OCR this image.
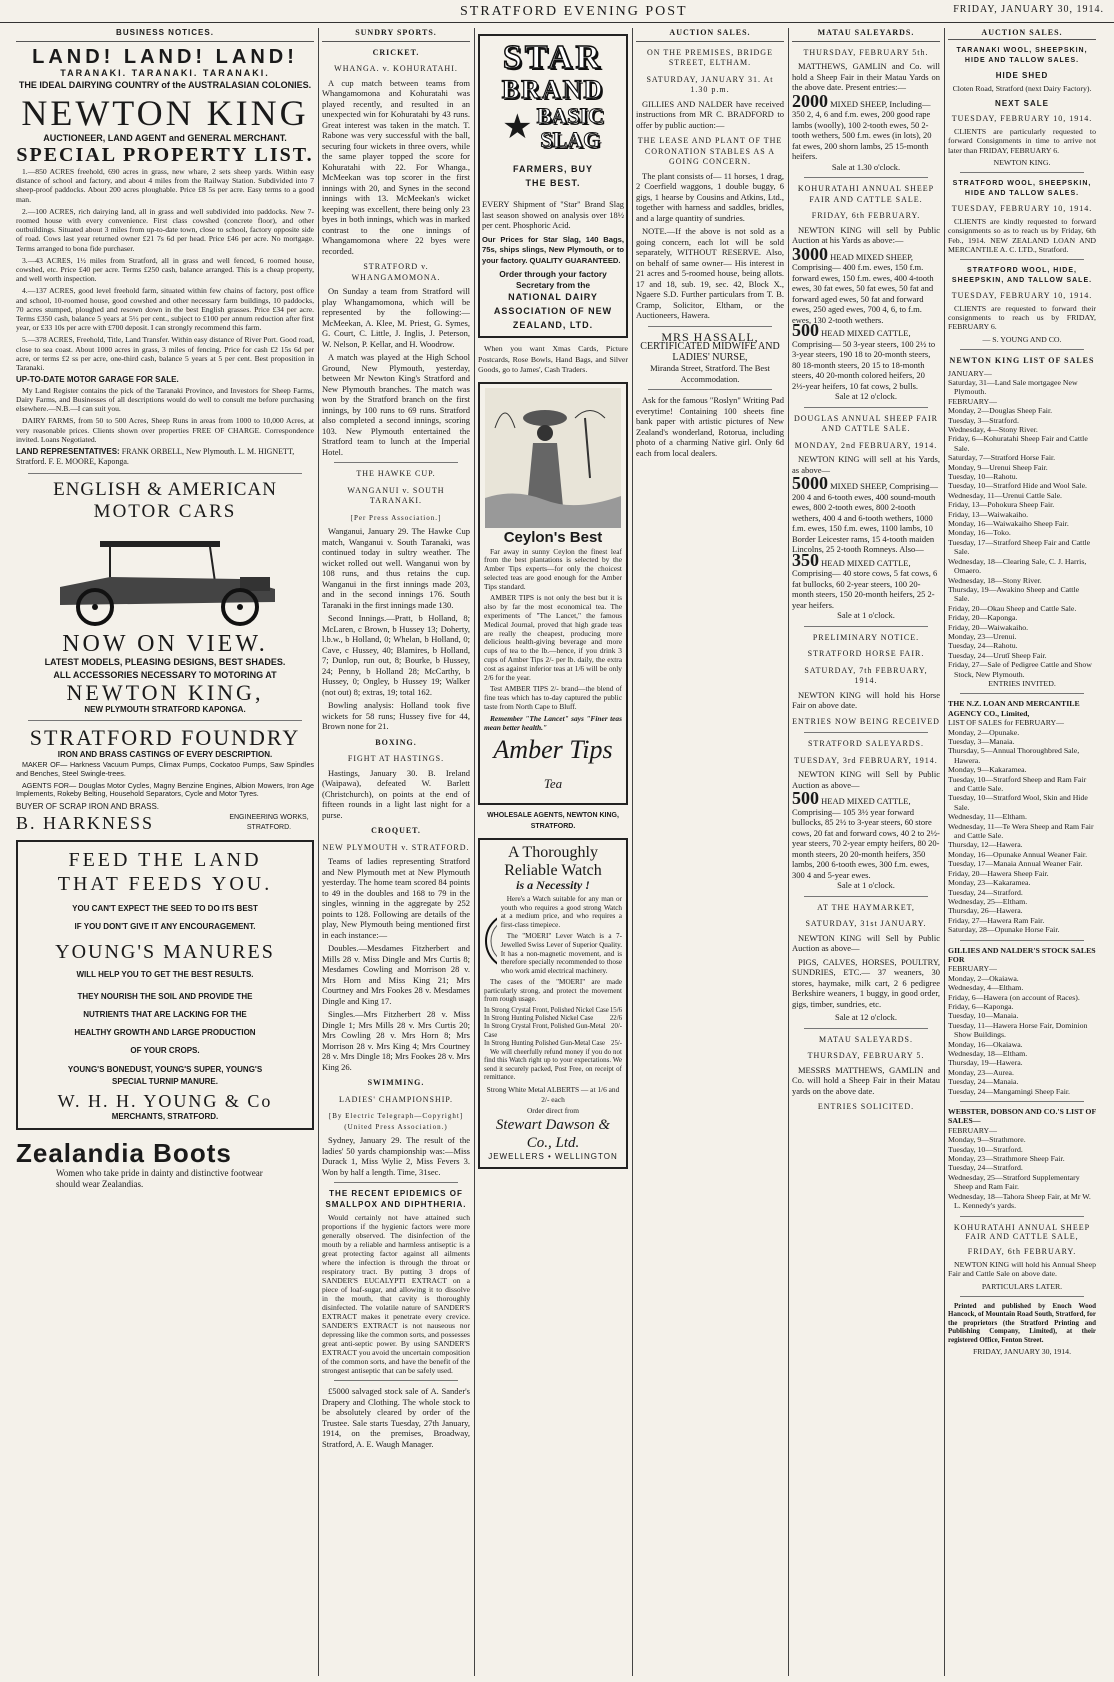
STRATFORD EVENING POST	FRIDAY, JANUARY 30, 1914.
BUSINESS NOTICES.
LAND! LAND! LAND!
TARANAKI. TARANAKI. TARANAKI.
THE IDEAL DAIRYING COUNTRY of the AUSTRALASIAN COLONIES.
NEWTON KING
AUCTIONEER, LAND AGENT and GENERAL MERCHANT.
SPECIAL PROPERTY LIST.

1.—850 ACRES freehold, 690 acres in grass, new whare, 2 sets sheep yards. Within easy distance of school and factory, and about 4 miles from the Railway Station. Subdivided into 7 sheep-proof paddocks. About 200 acres ploughable. Price £8 5s per acre. Easy terms to a good man.

2.—100 ACRES, rich dairying land, all in grass and well subdivided into paddocks. New 7-roomed house with every convenience. First class cowshed (concrete floor), and other outbuildings. Situated about 3 miles from up-to-date town, close to school, factory opposite side of road. Cows last year returned owner £21 7s 6d per head. Price £46 per acre. No mortgage. Terms arranged to bona fide purchaser.

3.—43 ACRES, 1½ miles from Stratford, all in grass and well fenced, 6 roomed house, cowshed, etc. Price £40 per acre. Terms £250 cash, balance arranged. This is a cheap property, and well worth inspection.

4.—137 ACRES, good level freehold farm, situated within few chains of factory, post office and school, 10-roomed house, good cowshed and other necessary farm buildings, 10 paddocks, 70 acres stumped, ploughed and resown down in the best English grasses. Price £34 per acre. Terms £350 cash, balance 5 years at 5½ per cent., subject to £100 per annum reduction after first year, or £33 10s per acre with £700 deposit. I can strongly recommend this farm.

5.—378 ACRES, Freehold, Title, Land Transfer. Within easy distance of River Port. Good road, close to sea coast. About 1000 acres in grass, 3 miles of fencing. Price for cash £2 15s 6d per acre, or terms £2 ss per acre, one-third cash, balance 5 years at 5 per cent. Best proposition in Taranaki.

UP-TO-DATE MOTOR GARAGE FOR SALE.

My Land Register contains the pick of the Taranaki Province, and Investors for Sheep Farms, Dairy Farms, and Businesses of all descriptions would do well to consult me before purchasing elsewhere.—N.B.—I can suit you.

DAIRY FARMS, from 50 to 500 Acres, Sheep Runs in areas from 1000 to 10,000 Acres, at very reasonable prices. Clients shown over properties FREE OF CHARGE. Correspondence invited. Loans Negotiated.

LAND REPRESENTATIVES: FRANK ORBELL, New Plymouth. L. M. HIGNETT, Stratford. F. E. MOORE, Kaponga.
ENGLISH & AMERICAN
MOTOR CARS
NOW ON VIEW.
LATEST MODELS, PLEASING DESIGNS, BEST SHADES.
ALL ACCESSORIES NECESSARY TO MOTORING AT
NEWTON KING,
NEW PLYMOUTH STRATFORD KAPONGA.
STRATFORD FOUNDRY
IRON AND BRASS CASTINGS OF EVERY DESCRIPTION.

MAKER OF— Harkness Vacuum Pumps, Climax Pumps, Cockatoo Pumps, Saw Spindles and Benches, Steel Swingle-trees.

AGENTS FOR— Douglas Motor Cycles, Magny Benzine Engines, Albion Mowers, Iron Age Implements, Rokeby Belting, Household Separators, Cycle and Motor Tyres.

BUYER OF SCRAP IRON AND BRASS.
B. HARKNESS	ENGINEERING WORKS, STRATFORD.
FEED THE LAND
THAT FEEDS YOU.
YOU CAN'T EXPECT THE SEED TO DO ITS BEST IF YOU DON'T GIVE IT ANY ENCOURAGEMENT.
YOUNG'S MANURES
WILL HELP YOU TO GET THE BEST RESULTS.
THEY NOURISH THE SOIL AND PROVIDE THE NUTRIENTS THAT ARE LACKING FOR THE HEALTHY GROWTH AND LARGE PRODUCTION OF YOUR CROPS.
YOUNG'S BONEDUST, YOUNG'S SUPER, YOUNG'S SPECIAL TURNIP MANURE.
W. H. H. YOUNG & Co
MERCHANTS, STRATFORD.
Zealandia Boots
Women who take pride in dainty and distinctive footwear should wear Zealandias.
SUNDRY SPORTS.
CRICKET.
WHANGA. v. KOHURATAHI.

A cup match between teams from Whangamomona and Kohuratahi was played recently, and resulted in an unexpected win for Kohuratahi by 43 runs. Great interest was taken in the match. T. Rabone was very successful with the ball, securing four wickets in three overs, while the same player topped the score for Kohuratahi with 22. For Whanga., McMeekan was top scorer in the first innings with 20, and Synes in the second innings with 13. McMeekan's wicket keeping was excellent, there being only 23 byes in both innings, which was in marked contrast to the one innings of Whangamomona where 22 byes were recorded.

STRATFORD v. WHANGAMOMONA.

On Sunday a team from Stratford will play Whangamomona, which will be represented by the following:—McMeekan, A. Klee, M. Priest, G. Symes, G. Court, C. Little, J. Inglis, J. Peterson, W. Nelson, P. Kellar, and H. Woodrow.

A match was played at the High School Ground, New Plymouth, yesterday, between Mr Newton King's Stratford and New Plymouth branches. The match was won by the Stratford branch on the first innings, by 100 runs to 69 runs. Stratford also completed a second innings, scoring 103. New Plymouth entertained the Stratford team to lunch at the Imperial Hotel.

THE HAWKE CUP.
WANGANUI v. SOUTH TARANAKI.
[Per Press Association.]

Wanganui, January 29. The Hawke Cup match, Wanganui v. South Taranaki, was continued today in sultry weather. The wicket rolled out well. Wanganui won by 108 runs, and thus retains the cup. Wanganui in the first innings made 203, and in the second innings 176. South Taranaki in the first innings made 130.

Second Innings.—Pratt, b Holland, 8; McLaren, c Brown, b Hussey 13; Doherty, l.b.w., b Holland, 0; Whelan, b Holland, 0; Cave, c Hussey, 40; Blamires, b Holland, 7; Dunlop, run out, 8; Bourke, b Hussey, 24; Penny, b Holland 28; McCarthy, b Hussey, 0; Ongley, b Hussey 19; Walker (not out) 8; extras, 19; total 162.

Bowling analysis: Holland took five wickets for 58 runs; Hussey five for 44, Brown none for 21.

BOXING.
FIGHT AT HASTINGS.

Hastings, January 30. B. Ireland (Waipawa), defeated W. Barlett (Christchurch), on points at the end of fifteen rounds in a light last night for a purse.

CROQUET.
NEW PLYMOUTH v. STRATFORD.

Teams of ladies representing Stratford and New Plymouth met at New Plymouth yesterday. The home team scored 84 points to 49 in the doubles and 168 to 79 in the singles, winning in the aggregate by 252 points to 128. Following are details of the play, New Plymouth being mentioned first in each instance:—

Doubles.—Mesdames Fitzherbert and Mills 28 v. Miss Dingle and Mrs Curtis 8; Mesdames Cowling and Morrison 28 v. Mrs Horn and Miss King 21; Mrs Courtney and Mrs Fookes 28 v. Mesdames Dingle and King 17.

Singles.—Mrs Fitzherbert 28 v. Miss Dingle 1; Mrs Mills 28 v. Mrs Curtis 20; Mrs Cowling 28 v. Mrs Horn 8; Mrs Morrison 28 v. Mrs King 4; Mrs Courtney 28 v. Mrs Dingle 18; Mrs Fookes 28 v. Mrs King 26.

SWIMMING.
LADIES' CHAMPIONSHIP.
[By Electric Telegraph—Copyright] (United Press Association.)

Sydney, January 29. The result of the ladies' 50 yards championship was:—Miss Durack 1, Miss Wylie 2, Miss Fevers 3. Won by half a length. Time, 31sec.

THE RECENT EPIDEMICS OF SMALLPOX AND DIPHTHERIA.

Would certainly not have attained such proportions if the hygienic factors were more generally observed. The disinfection of the mouth by a reliable and harmless antiseptic is a great protecting factor against all ailments where the infection is through the throat or respiratory tract. By putting 3 drops of SANDER'S EUCALYPTI EXTRACT on a piece of loaf-sugar, and allowing it to dissolve in the mouth, that cavity is thoroughly disinfected. The volatile nature of SANDER'S EXTRACT makes it penetrate every crevice. SANDER'S EXTRACT is not nauseous nor depressing like the common sorts, and possesses great anti-septic power. By using SANDER'S EXTRACT you avoid the uncertain composition of the common sorts, and have the benefit of the strongest antiseptic that can be safely used.

£5000 salvaged stock sale of A. Sander's Drapery and Clothing. The whole stock to be absolutely cleared by order of the Trustee. Sale starts Tuesday, 27th January, 1914, on the premises, Broadway, Stratford, A. E. Waugh Manager.

STAR
BRAND
★ BASIC
SLAG
FARMERS, BUY THE BEST.

EVERY Shipment of "Star" Brand Slag last season showed on analysis over 18½ per cent. Phosphoric Acid.

Our Prices for Star Slag, 140 Bags, 75s, ships slings, New Plymouth, or to your factory. QUALITY GUARANTEED.

Order through your factory Secretary from the
NATIONAL DAIRY ASSOCIATION OF NEW ZEALAND, LTD.

When you want Xmas Cards, Picture Postcards, Rose Bowls, Hand Bags, and Silver Goods, go to James', Cash Traders.

Ceylon's Best

Far away in sunny Ceylon the finest leaf from the best plantations is selected by the Amber Tips experts—for only the choicest selected teas are good enough for the Amber Tips standard.

AMBER TIPS is not only the best but it is also by far the most economical tea. The experiments of "The Lancet," the famous Medical Journal, proved that high grade teas are really the cheapest, producing more delicious health-giving beverage and more cups of tea to the lb.—hence, if you drink 3 cups of Amber Tips 2/- per lb. daily, the extra cost as against inferior teas at 1/6 will be only 2/6 for the year.

Test AMBER TIPS 2/- brand—the blend of fine teas which has to-day captured the public taste from North Cape to Bluff.

Remember "The Lancet" says "Finer teas mean better health."

Amber Tips Tea
WHOLESALE AGENTS, NEWTON KING, STRATFORD.
A Thoroughly Reliable Watch
is a Necessity !

Here's a Watch suitable for any man or youth who requires a good strong Watch at a medium price, and who requires a first-class timepiece.

The "MOERI" Lever Watch is a 7-Jewelled Swiss Lever of Superior Quality. It has a non-magnetic movement, and is therefore specially recommended to those who work amid electrical machinery.

The cases of the "MOERI" are made particularly strong, and protect the movement from rough usage.

In Strong Crystal Front, Polished Nickel Case 15/6
In Strong Hunting Polished Nickel Case 22/6
In Strong Crystal Front, Polished Gun-Metal Case
20/-
In Strong Hunting Polished Gun-Metal Case 25/-

We will cheerfully refund money if you do not find this Watch right up to your expectations. We send it securely packed, Post Free, on receipt of remittance.

Strong White Metal ALBERTS — at 1/6 and 2/- each
Order direct from
Stewart Dawson & Co., Ltd.
JEWELLERS • WELLINGTON
AUCTION SALES.
ON THE PREMISES, BRIDGE STREET, ELTHAM.
SATURDAY, JANUARY 31. At 1.30 p.m.

GILLIES AND NALDER have received instructions from MR C. BRADFORD to offer by public auction:—

THE LEASE AND PLANT OF THE CORONATION STABLES AS A GOING CONCERN.

The plant consists of— 11 horses, 1 drag, 2 Coerfield waggons, 1 double buggy, 6 gigs, 1 hearse by Cousins and Atkins, Ltd., together with harness and saddles, bridles, and a large quantity of sundries.

NOTE.—If the above is not sold as a going concern, each lot will be sold separately, WITHOUT RESERVE. Also, on behalf of same owner— His interest in 21 acres and 5-roomed house, being allots. 17 and 18, sub. 19, sec. 42, Block X., Ngaere S.D. Further particulars from T. B. Cramp, Solicitor, Eltham, or the Auctioneers, Hawera.

MRS HASSALL,
CERTIFICATED MIDWIFE AND LADIES' NURSE,
Miranda Street, Stratford. The Best Accommodation.

Ask for the famous "Roslyn" Writing Pad everytime! Containing 100 sheets fine bank paper with artistic pictures of New Zealand's wonderland, Rotorua, including photo of a charming Native girl. Only 6d each from local dealers.

MATAU SALEYARDS.
THURSDAY, FEBRUARY 5th.

MATTHEWS, GAMLIN and Co. will hold a Sheep Fair in their Matau Yards on the above date. Present entries:—

2000 MIXED SHEEP, Including— 350 2, 4, 6 and f.m. ewes, 200 good rape lambs (woolly), 100 2-tooth ewes, 50 2-tooth wethers, 500 f.m. ewes (in lots), 20 fat ewes, 200 shorn lambs, 25 15-month heifers.
Sale at 1.30 o'clock.
KOHURATAHI ANNUAL SHEEP FAIR AND CATTLE SALE.
FRIDAY, 6th FEBRUARY.

NEWTON KING will sell by Public Auction at his Yards as above:—

3000 HEAD MIXED SHEEP, Comprising— 400 f.m. ewes, 150 f.m. forward ewes, 150 f.m. ewes, 400 4-tooth ewes, 30 fat ewes, 50 fat ewes, 50 fat and forward aged ewes, 50 fat and forward ewes, 250 aged ewes, 700 4, 6, to f.m. ewes, 130 2-tooth wethers.
500 HEAD MIXED CATTLE, Comprising— 50 3-year steers, 100 2½ to 3-year steers, 190 18 to 20-month steers, 80 18-month steers, 20 15 to 18-month steers, 40 20-month colored heifers, 20 2½-year heifers, 10 fat cows, 2 bulls.
Sale at 12 o'clock.
DOUGLAS ANNUAL SHEEP FAIR AND CATTLE SALE.
MONDAY, 2nd FEBRUARY, 1914.

NEWTON KING will sell at his Yards, as above—

5000 MIXED SHEEP, Comprising— 200 4 and 6-tooth ewes, 400 sound-mouth ewes, 800 2-tooth ewes, 800 2-tooth wethers, 400 4 and 6-tooth wethers, 1000 f.m. ewes, 150 f.m. ewes, 1100 lambs, 10 Border Leicester rams, 15 4-tooth maiden Lincolns, 25 2-tooth Romneys. Also—
350 HEAD MIXED CATTLE, Comprising— 40 store cows, 5 fat cows, 6 fat bullocks, 60 2-year steers, 100 20-month steers, 150 20-month heifers, 25 2-year heifers.
Sale at 1 o'clock.
PRELIMINARY NOTICE.
STRATFORD HORSE FAIR.
SATURDAY, 7th FEBRUARY, 1914.

NEWTON KING will hold his Horse Fair on above date.

ENTRIES NOW BEING RECEIVED
STRATFORD SALEYARDS.
TUESDAY, 3rd FEBRUARY, 1914.

NEWTON KING will Sell by Public Auction as above—

500 HEAD MIXED CATTLE, Comprising— 105 3½ year forward bullocks, 85 2½ to 3-year steers, 60 store cows, 20 fat and forward cows, 40 2 to 2½-year steers, 70 2-year empty heifers, 80 20-month steers, 20 20-month heifers, 350 lambs, 200 6-tooth ewes, 300 f.m. ewes, 300 4 and 5-year ewes.
Sale at 1 o'clock.
AT THE HAYMARKET,
SATURDAY, 31st JANUARY.

NEWTON KING will Sell by Public Auction as above—

PIGS, CALVES, HORSES, POULTRY, SUNDRIES, ETC.— 37 weaners, 30 stores, haymake, milk cart, 2 6 pedigree Berkshire weaners, 1 buggy, in good order, gigs, timber, sundries, etc.

Sale at 12 o'clock.
MATAU SALEYARDS.
THURSDAY, FEBRUARY 5.

MESSRS MATTHEWS, GAMLIN and Co. will hold a Sheep Fair in their Matau yards on the above date.

ENTRIES SOLICITED.
AUCTION SALES.
TARANAKI WOOL, SHEEPSKIN, HIDE AND TALLOW SALES.
HIDE SHED
Cloten Road, Stratford (next Dairy Factory).
NEXT SALE
TUESDAY, FEBRUARY 10, 1914.

CLIENTS are particularly requested to forward Consignments in time to arrive not later than FRIDAY, FEBRUARY 6.

NEWTON KING.
STRATFORD WOOL, SHEEPSKIN, HIDE AND TALLOW SALES.
TUESDAY, FEBRUARY 10, 1914.

CLIENTS are kindly requested to forward consignments so as to reach us by Friday, 6th Feb., 1914. NEW ZEALAND LOAN AND MERCANTILE A. C. LTD., Stratford.

STRATFORD WOOL, HIDE, SHEEPSKIN, AND TALLOW SALE.
TUESDAY, FEBRUARY 10, 1914.

CLIENTS are requested to forward their consignments to reach us by FRIDAY, FEBRUARY 6.

— S. YOUNG AND CO.
NEWTON KING LIST OF SALES
JANUARY—
Saturday, 31—Land Sale mortgagee New Plymouth.
FEBRUARY—
Monday, 2—Douglas Sheep Fair.
Tuesday, 3—Stratford.
Wednesday, 4—Stony River.
Friday, 6—Kohuratahi Sheep Fair and Cattle Sale.
Saturday, 7—Stratford Horse Fair.
Monday, 9—Urenui Sheep Fair.
Tuesday, 10—Rahotu.
Tuesday, 10—Stratford Hide and Wool Sale.
Wednesday, 11—Urenui Cattle Sale.
Friday, 13—Pohokura Sheep Fair.
Friday, 13—Waiwakaiho.
Monday, 16—Waiwakaiho Sheep Fair.
Monday, 16—Toko.
Tuesday, 17—Stratford Sheep Fair and Cattle Sale.
Wednesday, 18—Clearing Sale, C. J. Harris, Omaero.
Wednesday, 18—Stony River.
Thursday, 19—Awakino Sheep and Cattle Sale.
Friday, 20—Okau Sheep and Cattle Sale.
Friday, 20—Kaponga.
Friday, 20—Waiwakaiho.
Monday, 23—Urenui.
Tuesday, 24—Rahotu.
Tuesday, 24—Urutī Sheep Fair.
Friday, 27—Sale of Pedigree Cattle and Show Stock, New Plymouth.
ENTRIES INVITED.
THE N.Z. LOAN AND MERCANTILE AGENCY CO., Limited,
LIST OF SALES for FEBRUARY—
Monday, 2—Opunake.
Tuesday, 3—Manaia.
Thursday, 5—Annual Thoroughbred Sale, Hawera.
Monday, 9—Kakaramea.
Tuesday, 10—Stratford Sheep and Ram Fair and Cattle Sale.
Tuesday, 10—Stratford Wool, Skin and Hide Sale.
Wednesday, 11—Eltham.
Wednesday, 11—Te Wera Sheep and Ram Fair and Cattle Sale.
Thursday, 12—Hawera.
Monday, 16—Opunake Annual Weaner Fair.
Tuesday, 17—Manaia Annual Weaner Fair.
Friday, 20—Hawera Sheep Fair.
Monday, 23—Kakaramea.
Tuesday, 24—Stratford.
Wednesday, 25—Eltham.
Thursday, 26—Hawera.
Friday, 27—Hawera Ram Fair.
Saturday, 28—Opunake Horse Fair.
GILLIES AND NALDER'S STOCK SALES FOR
FEBRUARY—
Monday, 2—Okaiawa.
Wednesday, 4—Eltham.
Friday, 6—Hawera (on account of Races).
Friday, 6—Kaponga.
Tuesday, 10—Manaia.
Tuesday, 11—Hawera Horse Fair, Dominion Show Buildings.
Monday, 16—Okaiawa.
Wednesday, 18—Eltham.
Thursday, 19—Hawera.
Monday, 23—Aurea.
Tuesday, 24—Manaia.
Tuesday, 24—Mangamingi Sheep Fair.
WEBSTER, DOBSON AND CO.'S LIST OF SALES—
FEBRUARY—
Monday, 9—Strathmore.
Tuesday, 10—Stratford.
Monday, 23—Strathmore Sheep Fair.
Tuesday, 24—Stratford.
Wednesday, 25—Stratford Supplementary Sheep and Ram Fair.
Wednesday, 18—Tahora Sheep Fair, at Mr W. L. Kennedy's yards.
KOHURATAHI ANNUAL SHEEP FAIR AND CATTLE SALE,
FRIDAY, 6th FEBRUARY.

NEWTON KING will hold his Annual Sheep Fair and Cattle Sale on above date.

PARTICULARS LATER.

Printed and published by Enoch Wood Hancock, of Mountain Road South, Stratford, for the proprietors (the Stratford Printing and Publishing Company, Limited), at their registered Office, Fenton Street.

FRIDAY, JANUARY 30, 1914.
